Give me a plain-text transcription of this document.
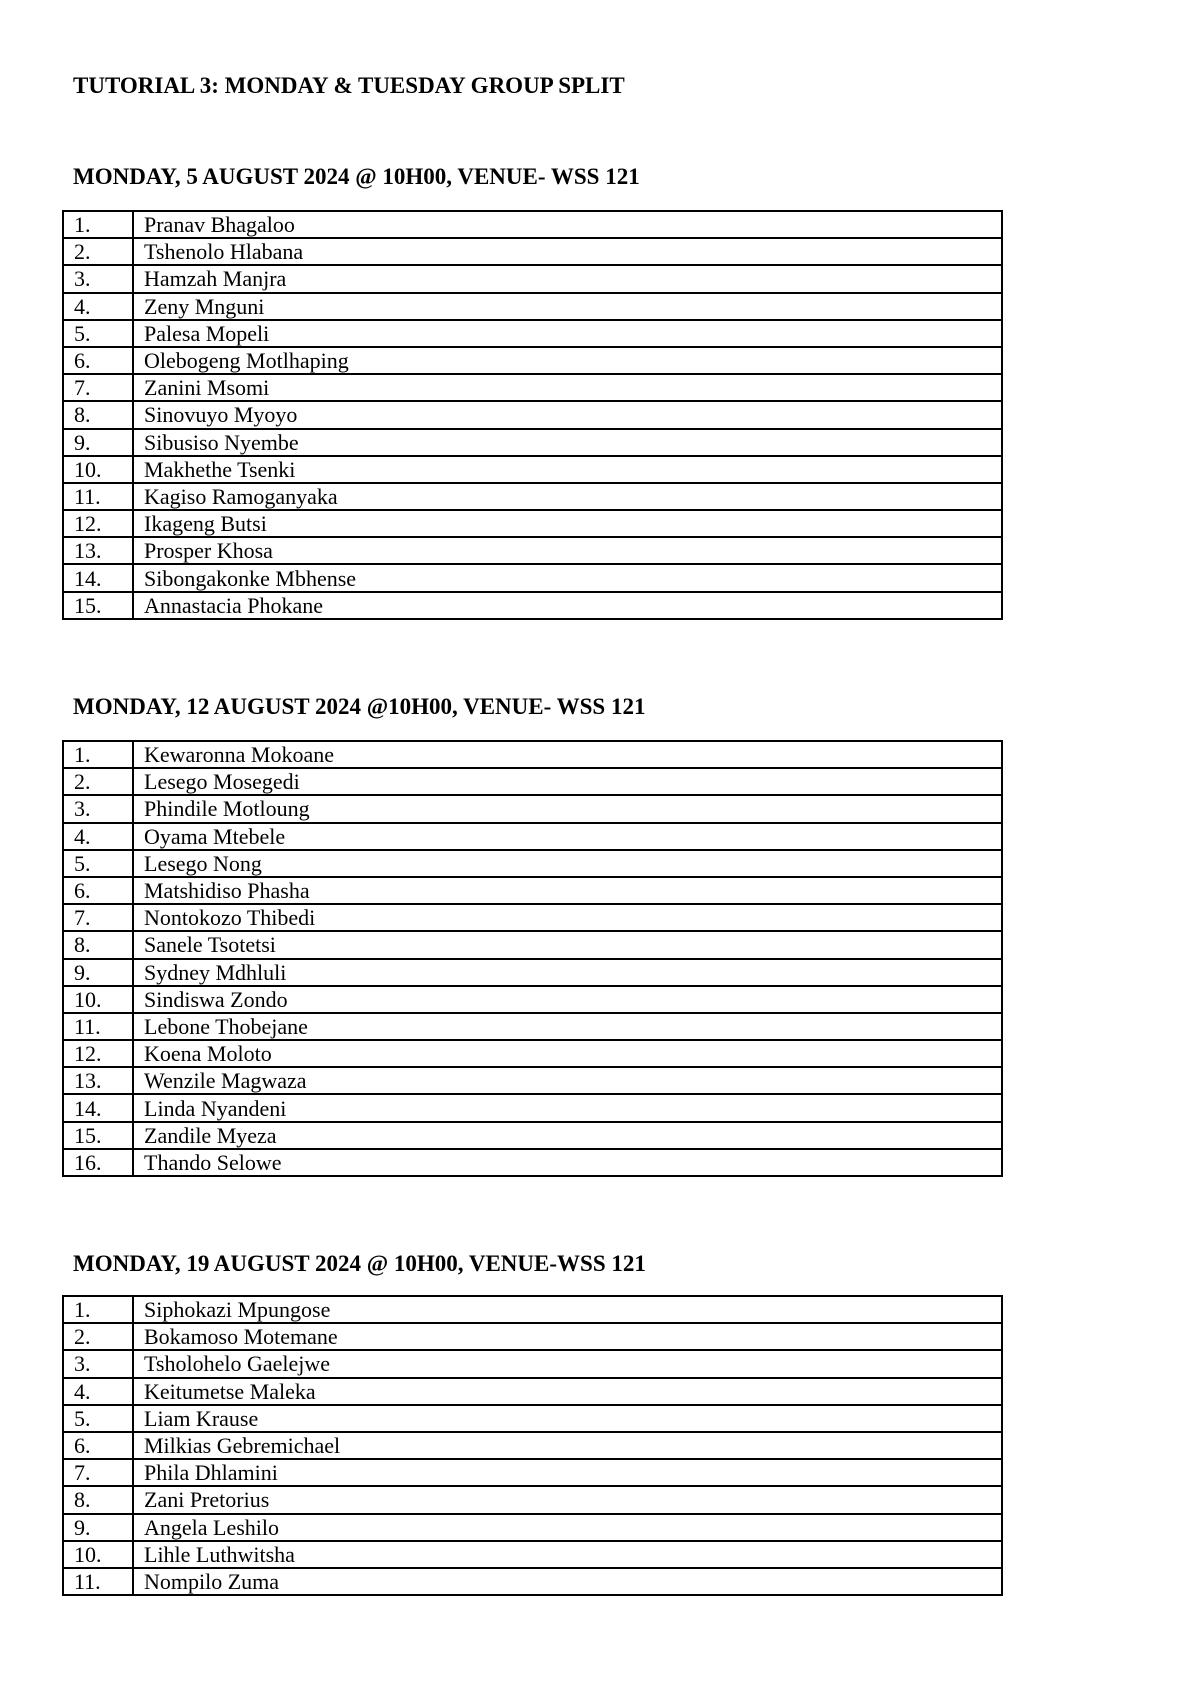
TUTORIAL 3: MONDAY & TUESDAY GROUP SPLIT
MONDAY, 5 AUGUST 2024 @ 10H00, VENUE- WSS 121
1.	Pranav Bhagaloo
2.	Tshenolo Hlabana
3.	Hamzah Manjra
4.	Zeny Mnguni
5.	Palesa Mopeli
6.	Olebogeng Motlhaping
7.	Zanini Msomi
8.	Sinovuyo Myoyo
9.	Sibusiso Nyembe
10.	Makhethe Tsenki
11.	Kagiso Ramoganyaka
12.	Ikageng Butsi
13.	Prosper Khosa
14.	Sibongakonke Mbhense
15.	Annastacia Phokane
MONDAY, 12 AUGUST 2024 @10H00, VENUE- WSS 121
1.	Kewaronna Mokoane
2.	Lesego Mosegedi
3.	Phindile Motloung
4.	Oyama Mtebele
5.	Lesego Nong
6.	Matshidiso Phasha
7.	Nontokozo Thibedi
8.	Sanele Tsotetsi
9.	Sydney Mdhluli
10.	Sindiswa Zondo
11.	Lebone Thobejane
12.	Koena Moloto
13.	Wenzile Magwaza
14.	Linda Nyandeni
15.	Zandile Myeza
16.	Thando Selowe
MONDAY, 19 AUGUST 2024 @ 10H00, VENUE-WSS 121
1.	Siphokazi Mpungose
2.	Bokamoso Motemane
3.	Tsholohelo Gaelejwe
4.	Keitumetse Maleka
5.	Liam Krause
6.	Milkias Gebremichael
7.	Phila Dhlamini
8.	Zani Pretorius
9.	Angela Leshilo
10.	Lihle Luthwitsha
11.	Nompilo Zuma
